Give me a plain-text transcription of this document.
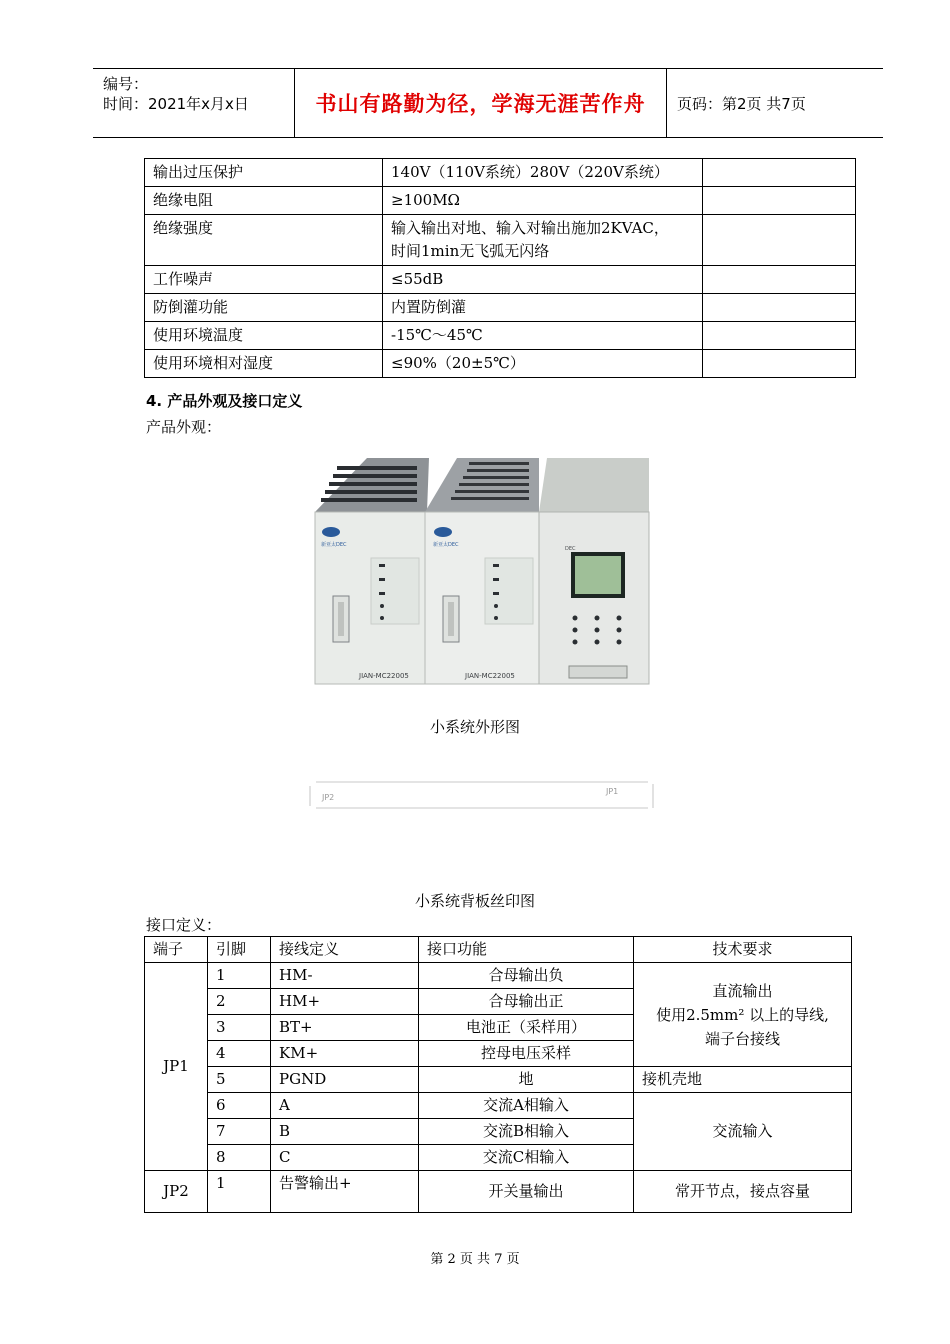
编号：
时间：2021年x月x日	书山有路勤为径，学海无涯苦作舟	页码：第2页 共7页
输出过压保护	140V（110V系统）280V（220V系统）	
绝缘电阻	≥100MΩ	
绝缘强度	输入输出对地、输入对输出施加2KVAC，
时间1min无飞弧无闪络	

工作噪声	≤55dB	
防倒灌功能	内置防倒灌	
使用环境温度	-15℃～45℃	
使用环境相对湿度	≤90%（20±5℃）	
4. 产品外观及接口定义
产品外观：
新亚太DEC	新亚太DEC
JIAN-MC22005	JIAN-MC22005
DEC
小系统外形图
JP2
JP1
小系统背板丝印图
接口定义：
端子	引脚	接线定义	接口功能	技术要求
JP1	1	HM-	合母输出负	直流输出
使用2.5mm² 以上的导线,
端子台接线

	2	HM+	合母输出正	
	3	BT+	电池正（采样用）	
	4	KM+	控母电压采样	
	5	PGND	地	接机壳地
	6	A	交流A相输入	交流输入
	7	B	交流B相输入	
	8	C	交流C相输入	
JP2	1	告警输出+	开关量输出	常开节点，接点容量
第 2 页 共 7 页
